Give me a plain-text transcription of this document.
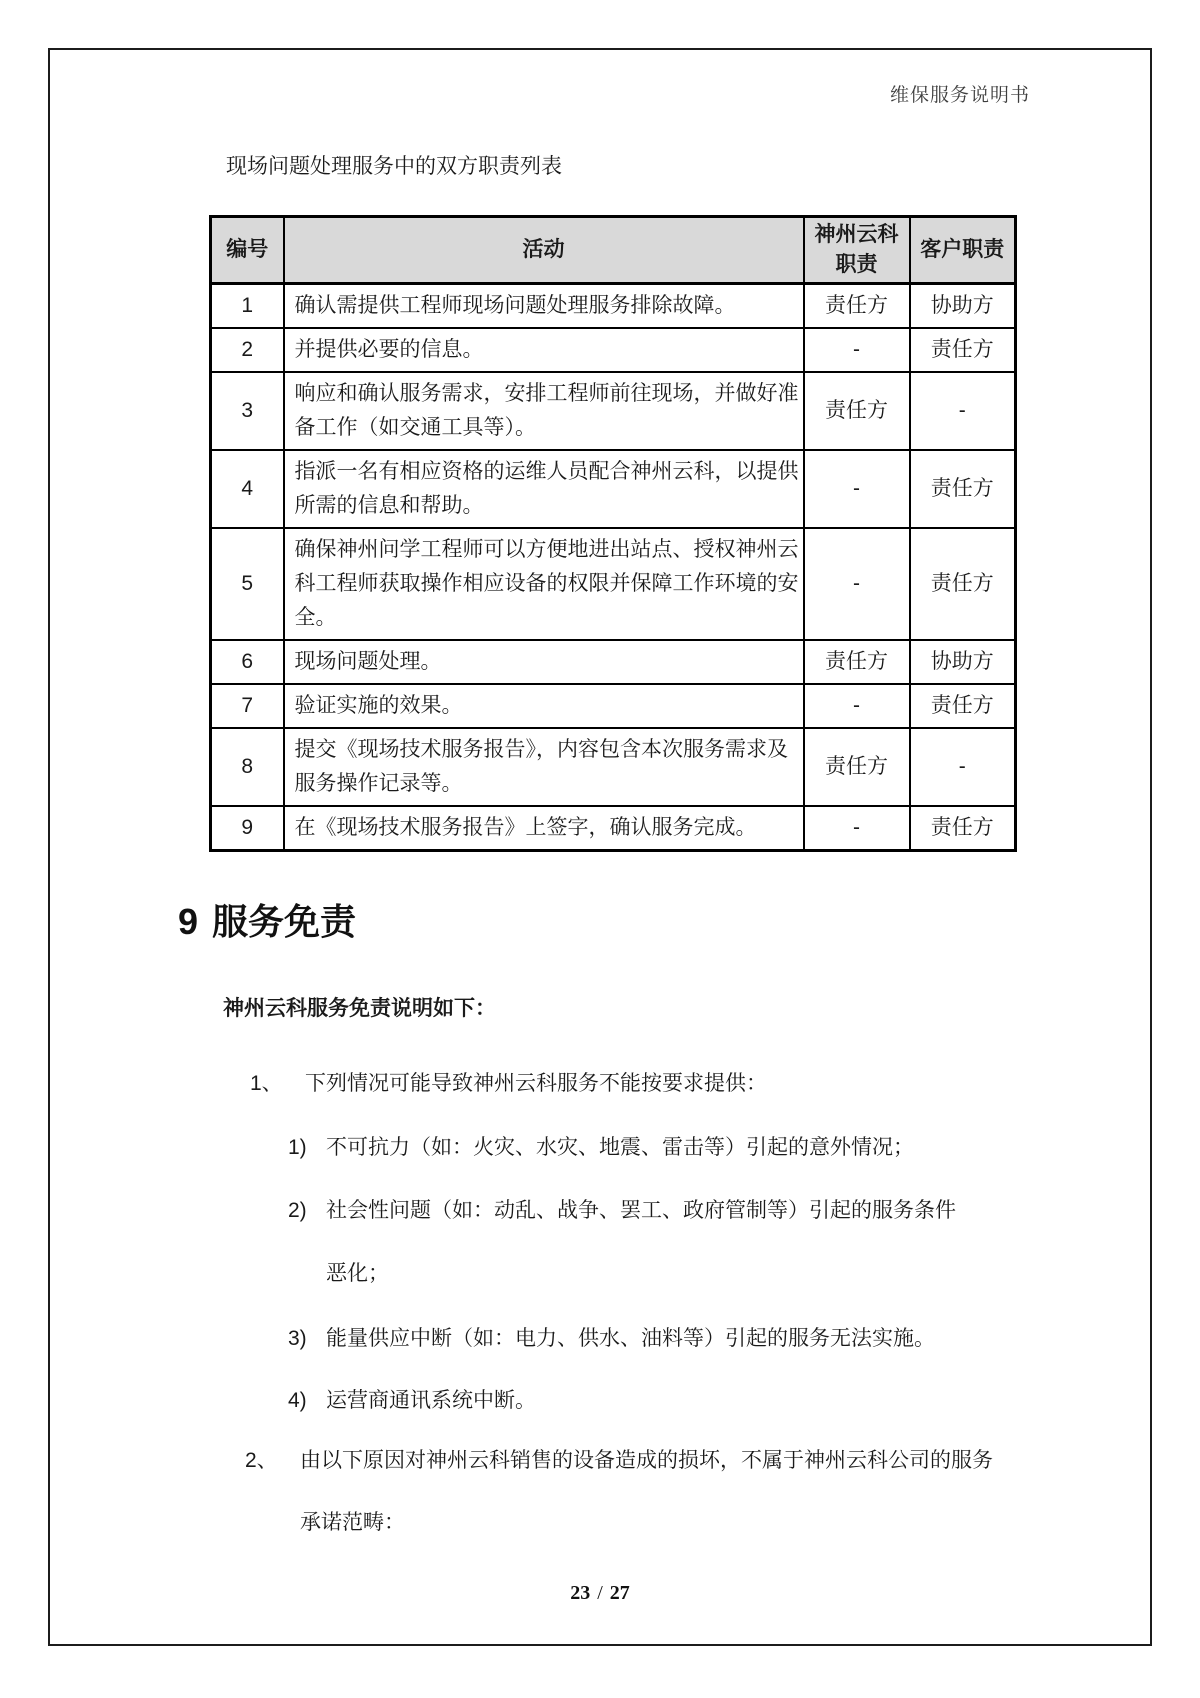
维保服务说明书
现场问题处理服务中的双方职责列表
编号	活动	神州云科职责	客户职责
1	确认需提供工程师现场问题处理服务排除故障。	责任方	协助方
2	并提供必要的信息。	-	责任方
3	响应和确认服务需求，安排工程师前往现场，并做好准备工作（如交通工具等）。	责任方	-
4	指派一名有相应资格的运维人员配合神州云科，以提供所需的信息和帮助。	-	责任方
5	确保神州问学工程师可以方便地进出站点、授权神州云科工程师获取操作相应设备的权限并保障工作环境的安全。	-	责任方
6	现场问题处理。	责任方	协助方
7	验证实施的效果。	-	责任方
8	提交《现场技术服务报告》，内容包含本次服务需求及服务操作记录等。	责任方	-
9	在《现场技术服务报告》上签字，确认服务完成。	-	责任方
9 服务免责
神州云科服务免责说明如下：
1、 下列情况可能导致神州云科服务不能按要求提供：
1) 不可抗力（如：火灾、水灾、地震、雷击等）引起的意外情况；
2) 社会性问题（如：动乱、战争、罢工、政府管制等）引起的服务条件
恶化；
3) 能量供应中断（如：电力、供水、油料等）引起的服务无法实施。
4) 运营商通讯系统中断。
2、 由以下原因对神州云科销售的设备造成的损坏，不属于神州云科公司的服务
承诺范畴：
23 / 27
